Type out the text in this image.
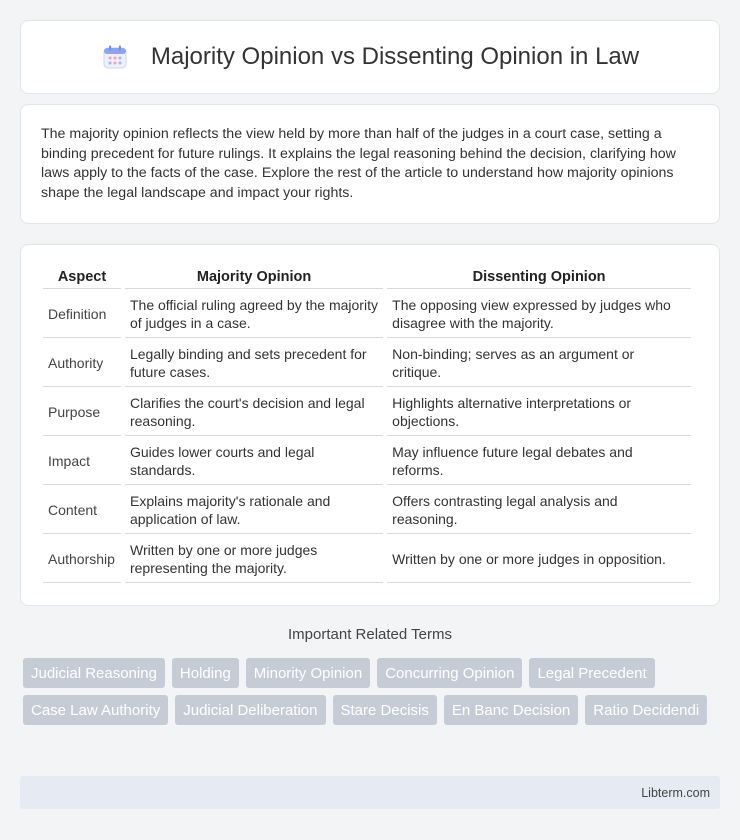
Majority Opinion vs Dissenting Opinion in Law

The majority opinion reflects the view held by more than half of the judges in a court case, setting a binding precedent for future rulings. It explains the legal reasoning behind the decision, clarifying how laws apply to the facts of the case. Explore the rest of the article to understand how majority opinions shape the legal landscape and impact your rights.

Aspect	Majority Opinion	Dissenting Opinion
Definition	The official ruling agreed by the majority of judges in a case.	The opposing view expressed by judges who disagree with the majority.
Authority	Legally binding and sets precedent for future cases.	Non-binding; serves as an argument or critique.
Purpose	Clarifies the court's decision and legal reasoning.	Highlights alternative interpretations or objections.
Impact	Guides lower courts and legal standards.	May influence future legal debates and reforms.
Content	Explains majority's rationale and application of law.	Offers contrasting legal analysis and reasoning.
Authorship	Written by one or more judges representing the majority.	Written by one or more judges in opposition.
Important Related Terms
Judicial Reasoning	Holding	Minority Opinion	Concurring Opinion	Legal Precedent
Case Law Authority	Judicial Deliberation	Stare Decisis	En Banc Decision	Ratio Decidendi
Libterm.com
